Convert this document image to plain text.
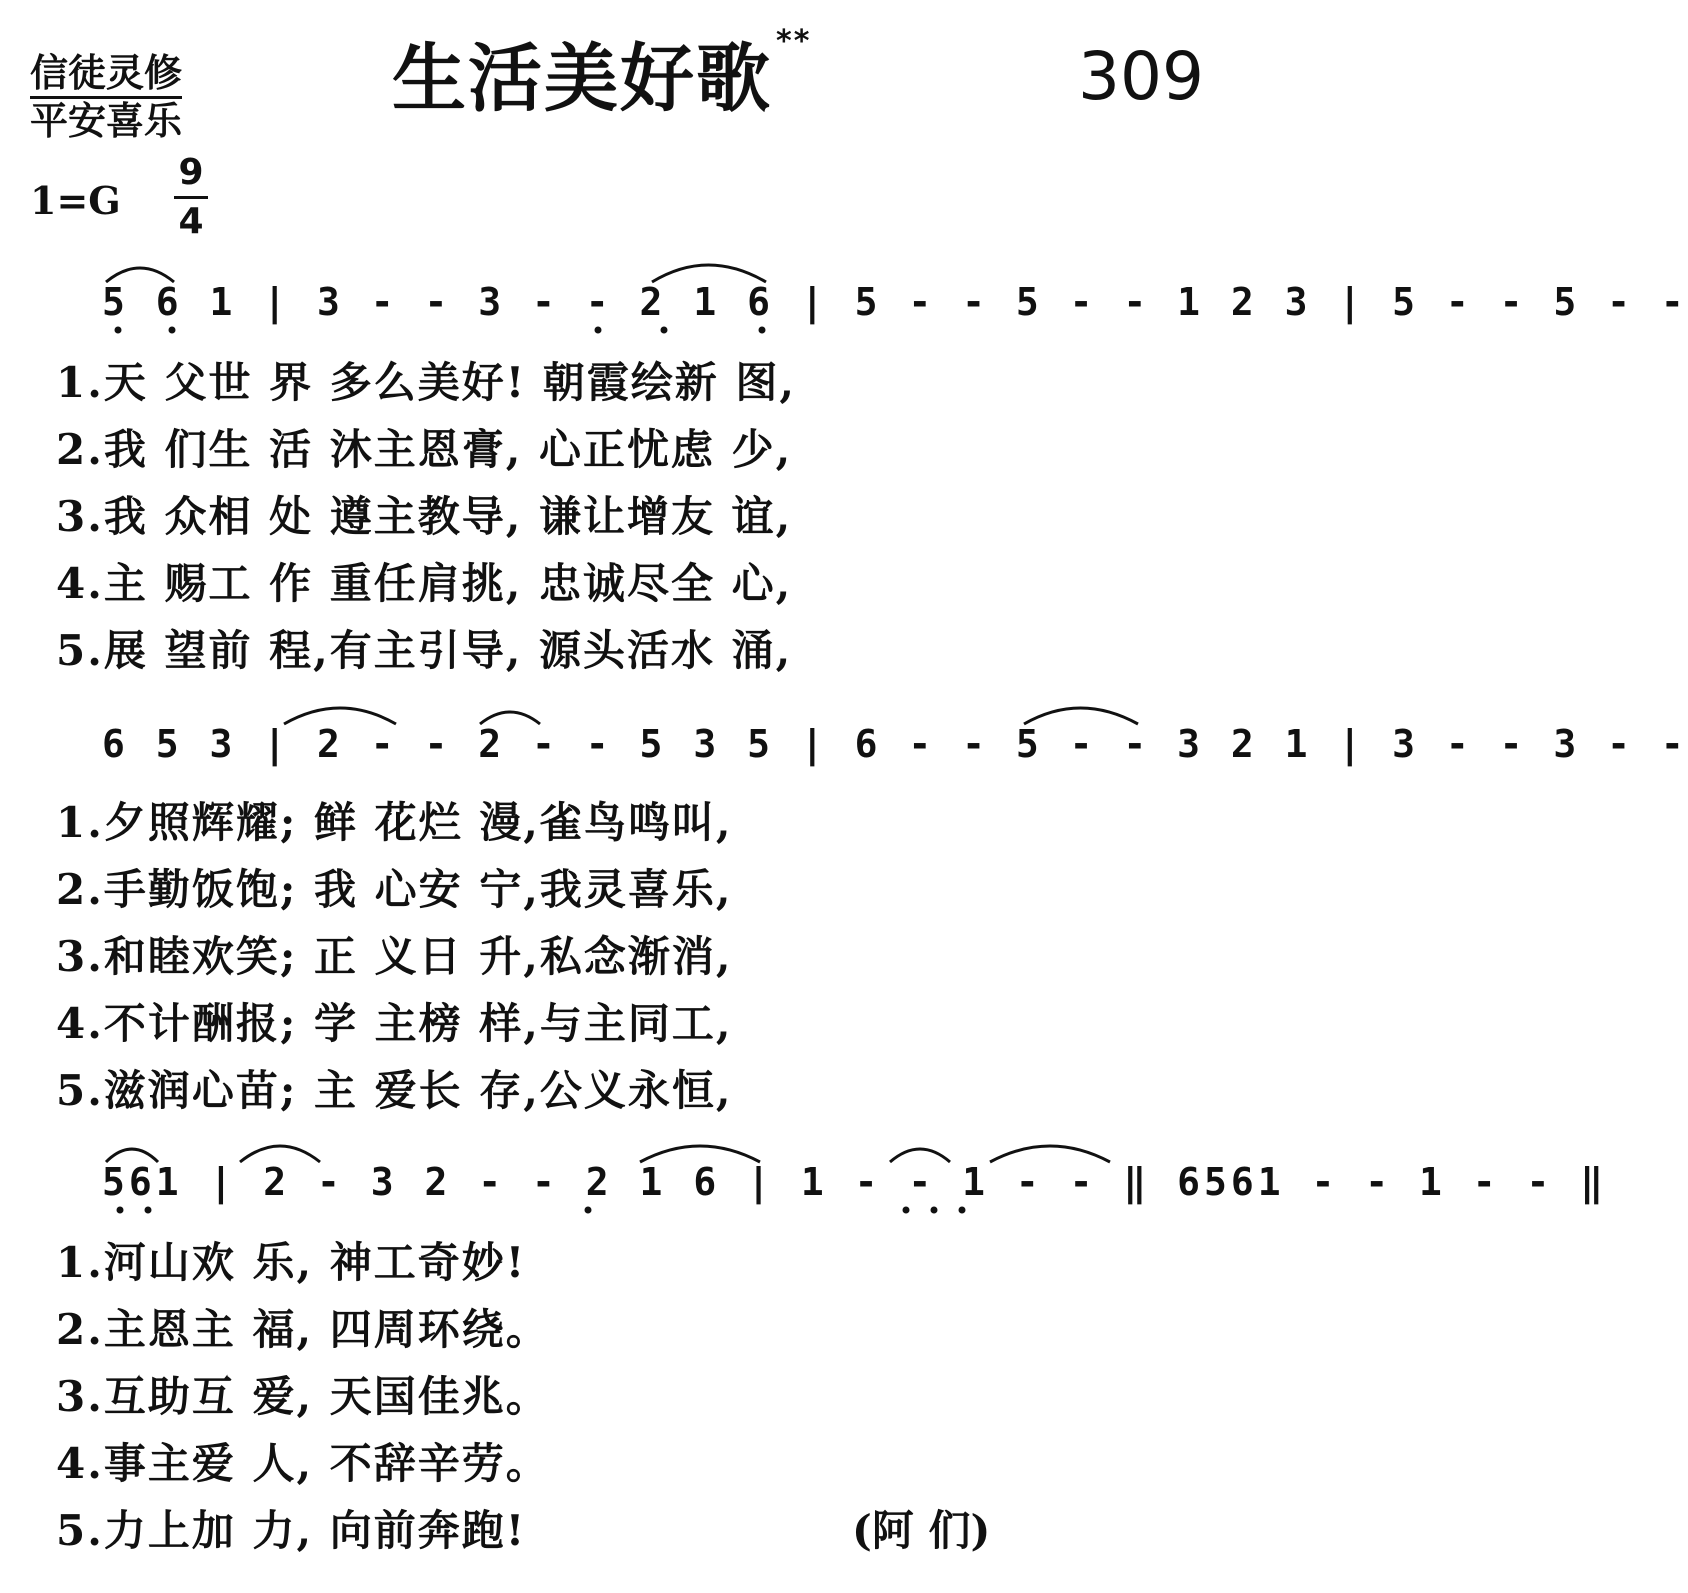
信徒灵修
平安喜乐	生活美好歌 **	309
1=G
9
4
5 6 1 | 3 - - 3 - - 2 1 6 | 5 - - 5 - - 1 2 3 | 5 - - 5 - -
1.天 父世 界 多么美好! 朝霞绘新 图,
2.我 们生 活 沐主恩膏, 心正忧虑 少,
3.我 众相 处 遵主教导, 谦让增友 谊,
4.主 赐工 作 重任肩挑, 忠诚尽全 心,
5.展 望前 程,有主引导, 源头活水 涌,
6 5 3 | 2 - - 2 - - 5 3 5 | 6 - - 5 - - 3 2 1 | 3 - - 3 - -
1.夕照辉耀; 鲜 花烂 漫,雀鸟鸣叫,
2.手勤饭饱; 我 心安 宁,我灵喜乐,
3.和睦欢笑; 正 义日 升,私念渐消,
4.不计酬报; 学 主榜 样,与主同工,
5.滋润心苗; 主 爱长 存,公义永恒,
561 | 2 - 3 2 - - 2 1 6 | 1 - - 1 - - ‖ 6561 - - 1 - - ‖
1.河山欢 乐, 神工奇妙!
2.主恩主 福, 四周环绕。
3.互助互 爱, 天国佳兆。
4.事主爱 人, 不辞辛劳。
5.力上加 力, 向前奔跑!	(阿 们)
